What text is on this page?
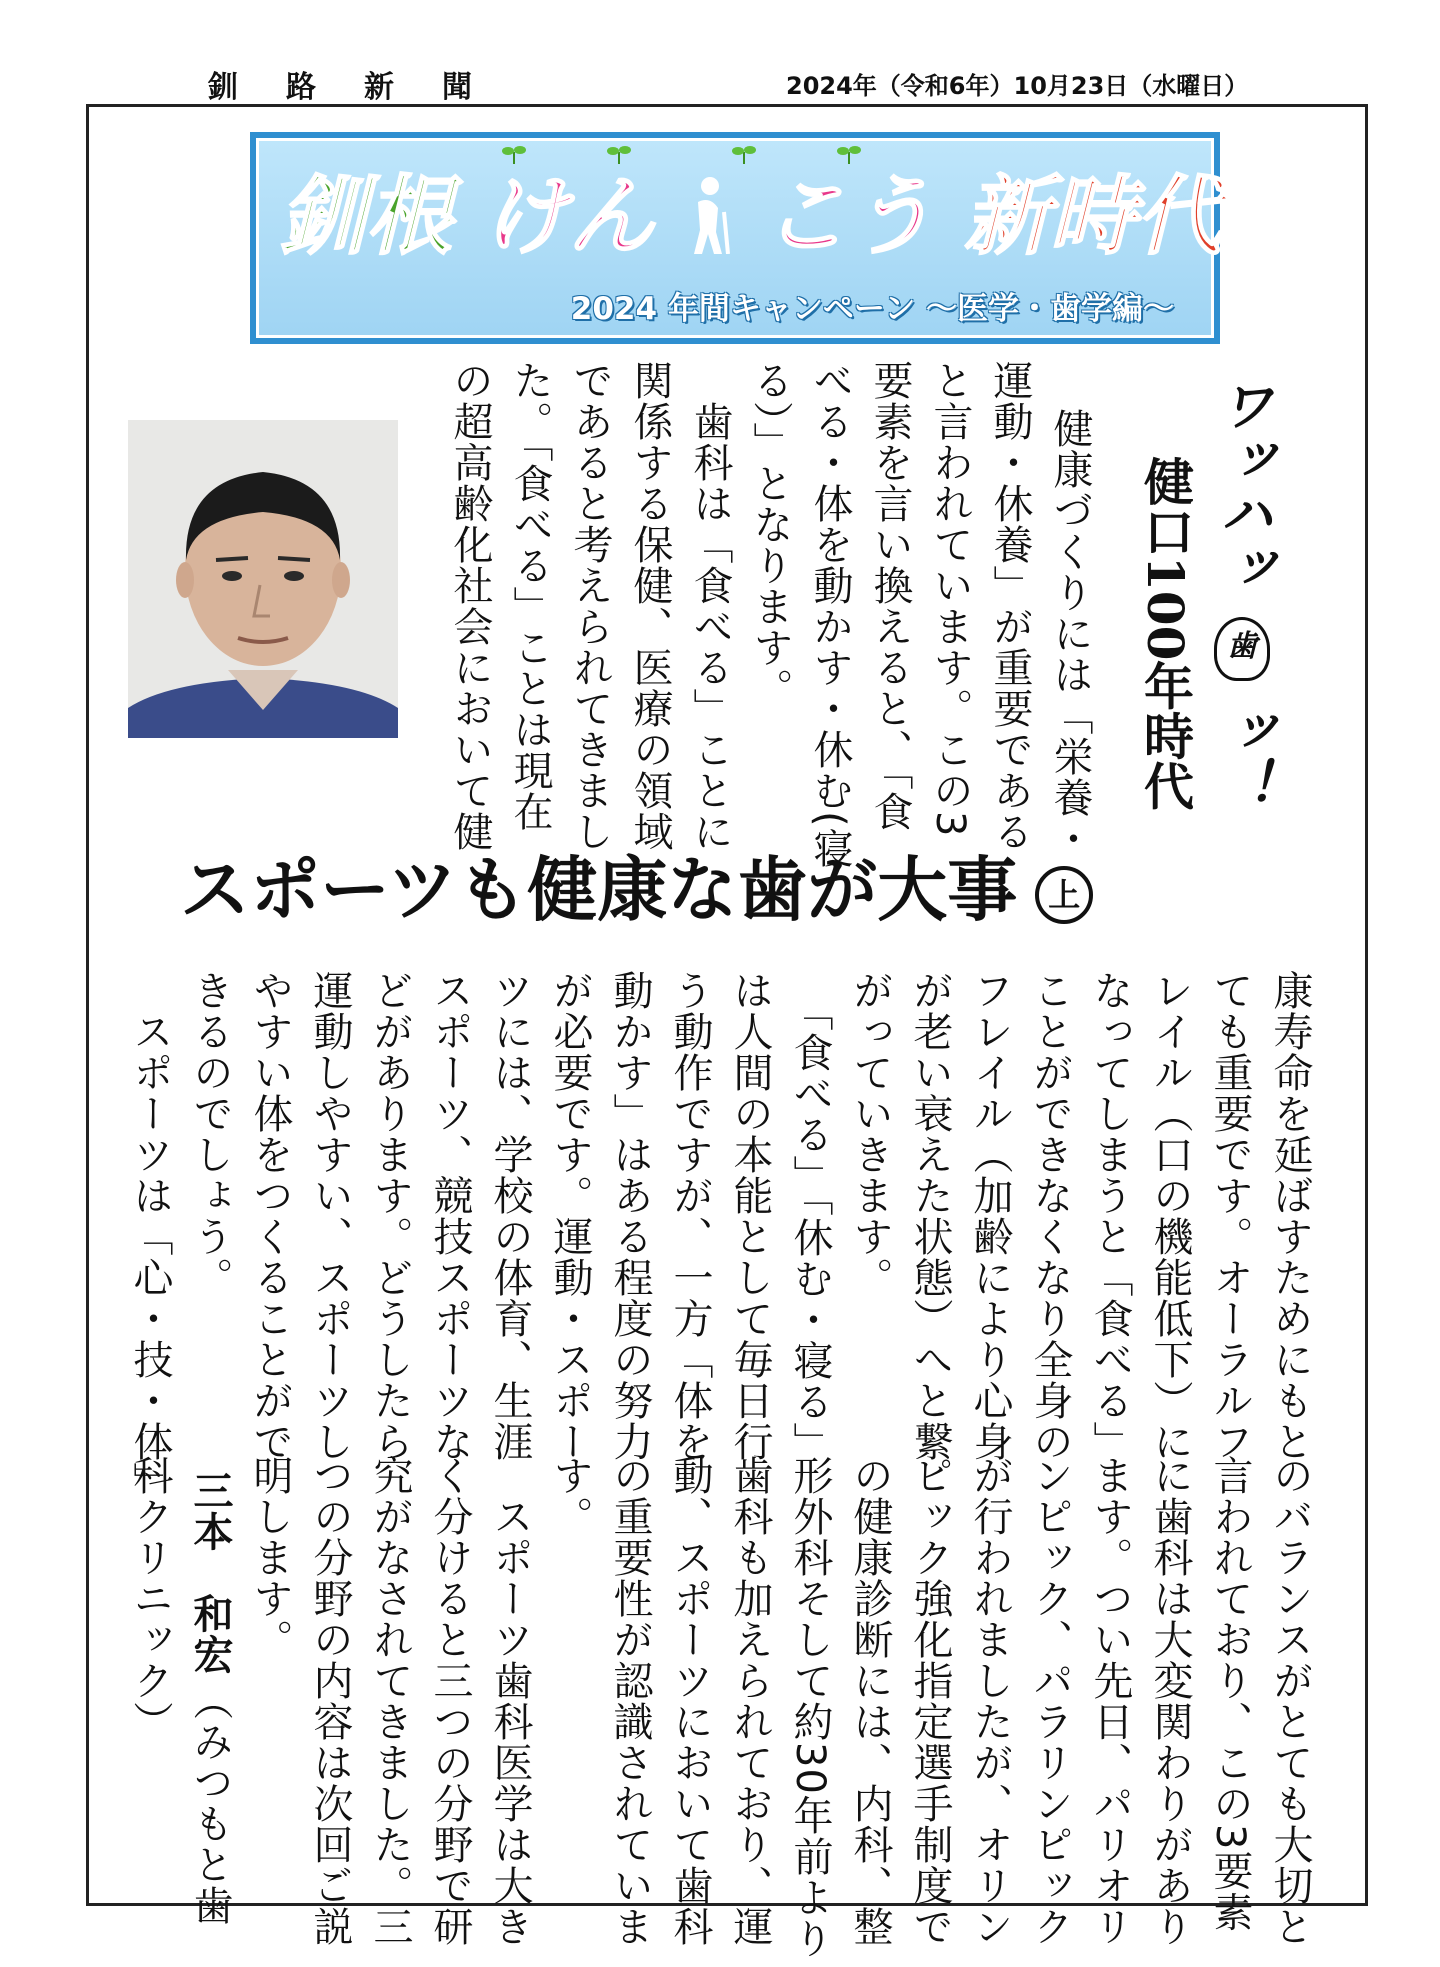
釧路新聞	2024年（令和6年）10月23日（水曜日）
釧根 けん こう 新時代
2024 年間キャンペーン 〜医学・歯学編〜
ワッハッ 歯 ッ！
健口100年時代
健康づくりには「栄養・
運動・休養」が重要である
と言われています。この3
要素を言い換えると、「食
べる・体を動かす・休む(寝
る）」となります。
　歯科は「食べる」ことに
関係する保健、医療の領域
であると考えられてきまし
た。「食べる」ことは現在
の超高齢化社会において健
スポーツも健康な歯が大事 上
康寿命を延ばすためにもと
ても重要です。オーラルフ
レイル（口の機能低下）に
なってしまうと「食べる」
ことができなくなり全身の
フレイル（加齢により心身
が老い衰えた状態）へと繋
がっていきます。
　「食べる」「休む・寝る」
は人間の本能として毎日行
う動作ですが、一方「体を
動かす」はある程度の努力
が必要です。運動・スポー
ツには、学校の体育、生涯
スポーツ、競技スポーツな
どがあります。どうしたら
運動しやすい、スポーツし
やすい体をつくることがで
きるのでしょう。
　スポーツは「心・技・体」
のバランスがとても大切と
言われており、この3要素
に歯科は大変関わりがあり
ます。つい先日、パリオリ
ンピック、パラリンピック
が行われましたが、オリン
ピック強化指定選手制度で
の健康診断には、内科、整
形外科そして約30年前より
歯科も加えられており、運
動、スポーツにおいて歯科
の重要性が認識されていま
す。
　スポーツ歯科医学は大き
く分けると三つの分野で研
究がなされてきました。三
つの分野の内容は次回ご説
明します。
三本　和宏
（みつもと歯
科クリニック）
